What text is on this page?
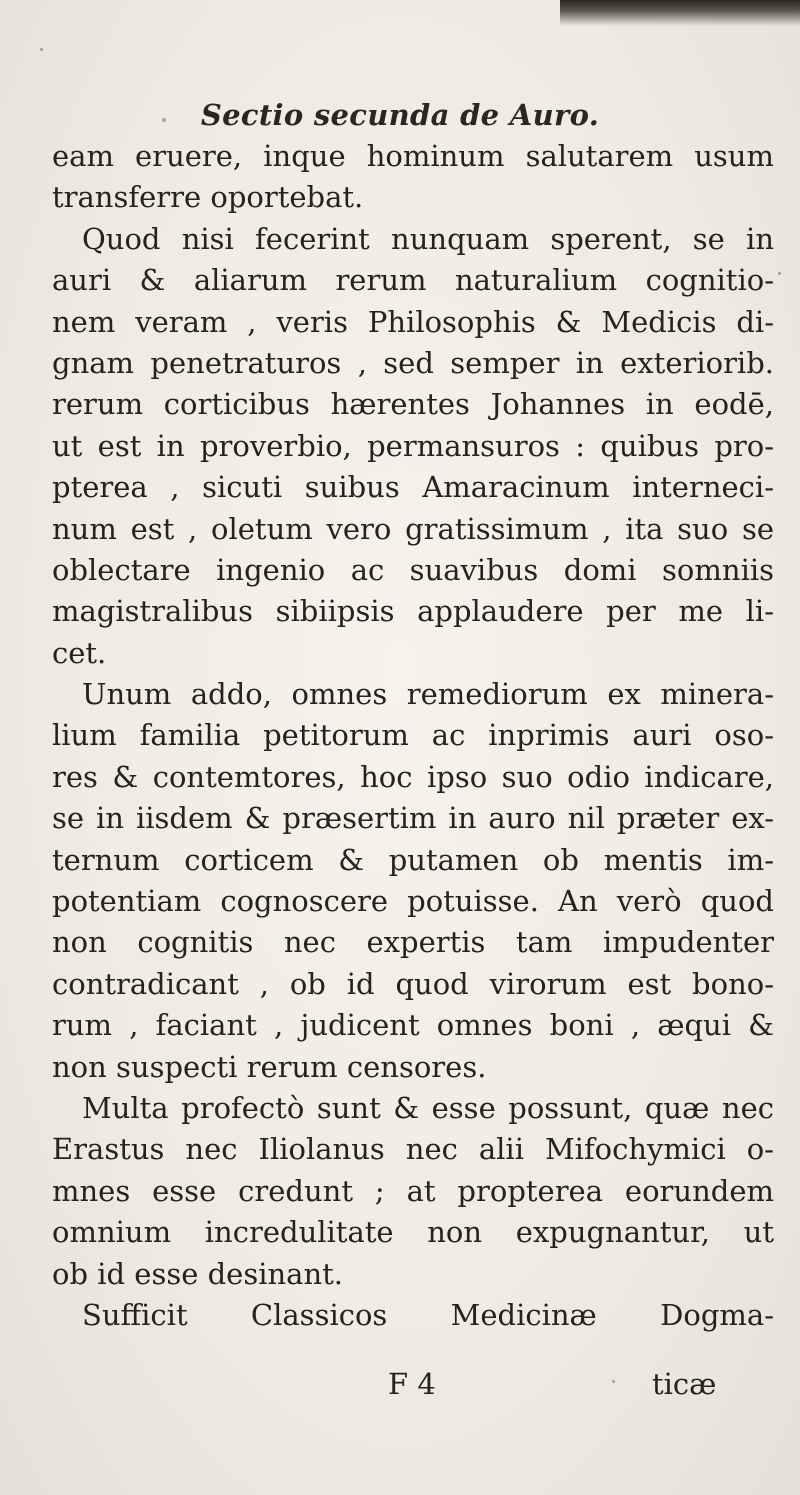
Sectio secunda de Auro.
eam eruere, inque hominum salutarem usum
transferre oportebat.
Quod nisi fecerint nunquam sperent, se in
auri & aliarum rerum naturalium cognitio-
nem veram , veris Philosophis & Medicis di-
gnam penetraturos , sed semper in exteriorib.
rerum corticibus hærentes Johannes in eodē,
ut est in proverbio, permansuros : quibus pro-
pterea , sicuti suibus Amaracinum interneci-
num est , oletum vero gratissimum , ita suo se
oblectare ingenio ac suavibus domi somniis
magistralibus sibiipsis applaudere per me li-
cet.
Unum addo, omnes remediorum ex minera-
lium familia petitorum ac inprimis auri oso-
res & contemtores, hoc ipso suo odio indicare,
se in iisdem & præsertim in auro nil præter ex-
ternum corticem & putamen ob mentis im-
potentiam cognoscere potuisse. An verò quod
non cognitis nec expertis tam impudenter
contradicant , ob id quod virorum est bono-
rum , faciant , judicent omnes boni , æqui &
non suspecti rerum censores.
Multa profectò sunt & esse possunt, quæ nec
Erastus nec Iliolanus nec alii Mifochymici o-
mnes esse credunt ; at propterea eorundem
omnium incredulitate non expugnantur, ut
ob id esse desinant.
Sufficit Classicos Medicinæ Dogma-
F 4	ticæ
